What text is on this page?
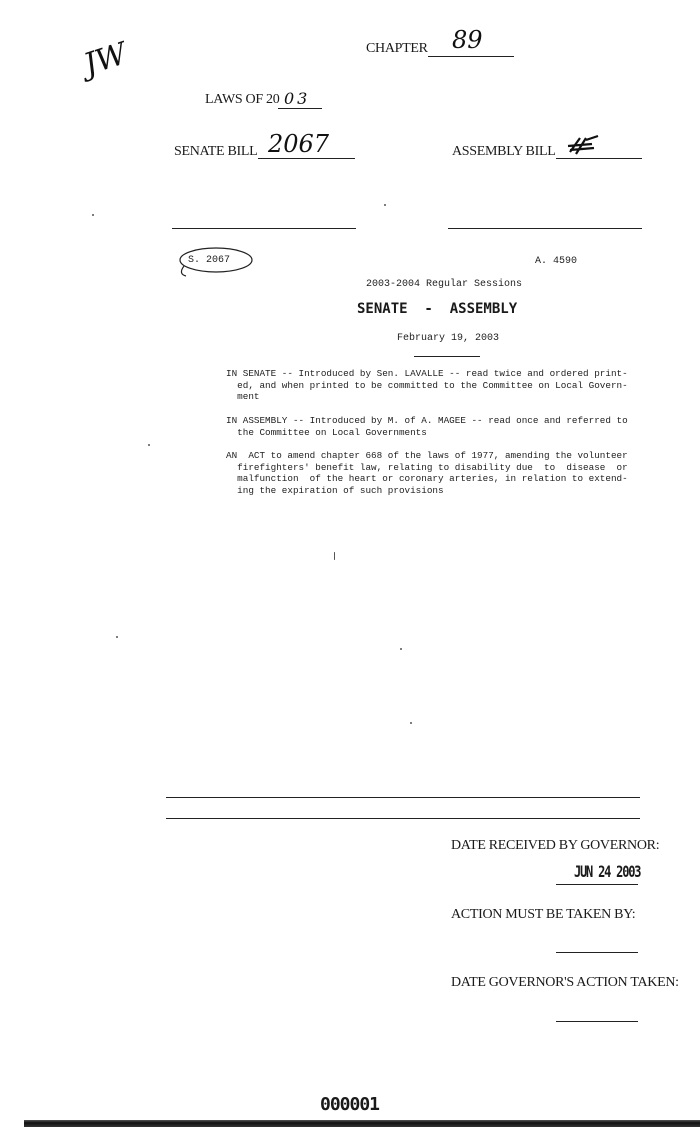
JW	CHAPTER 89
LAWS OF 20 03
SENATE BILL 2067	ASSEMBLY BILL
S. 2067	A. 4590
2003-2004 Regular Sessions
SENATE  -  ASSEMBLY
February 19, 2003
IN SENATE -- Introduced by Sen. LAVALLE -- read twice and ordered print-
ed, and when printed to be committed to the Committee on Local Govern-
ment
IN ASSEMBLY -- Introduced by M. of A. MAGEE -- read once and referred to
the Committee on Local Governments
AN  ACT to amend chapter 668 of the laws of 1977, amending the volunteer
firefighters' benefit law, relating to disability due  to  disease  or
malfunction  of the heart or coronary arteries, in relation to extend-
ing the expiration of such provisions
DATE RECEIVED BY GOVERNOR:
JUN 24 2003
ACTION MUST BE TAKEN BY:
DATE GOVERNOR'S ACTION TAKEN:
000001
